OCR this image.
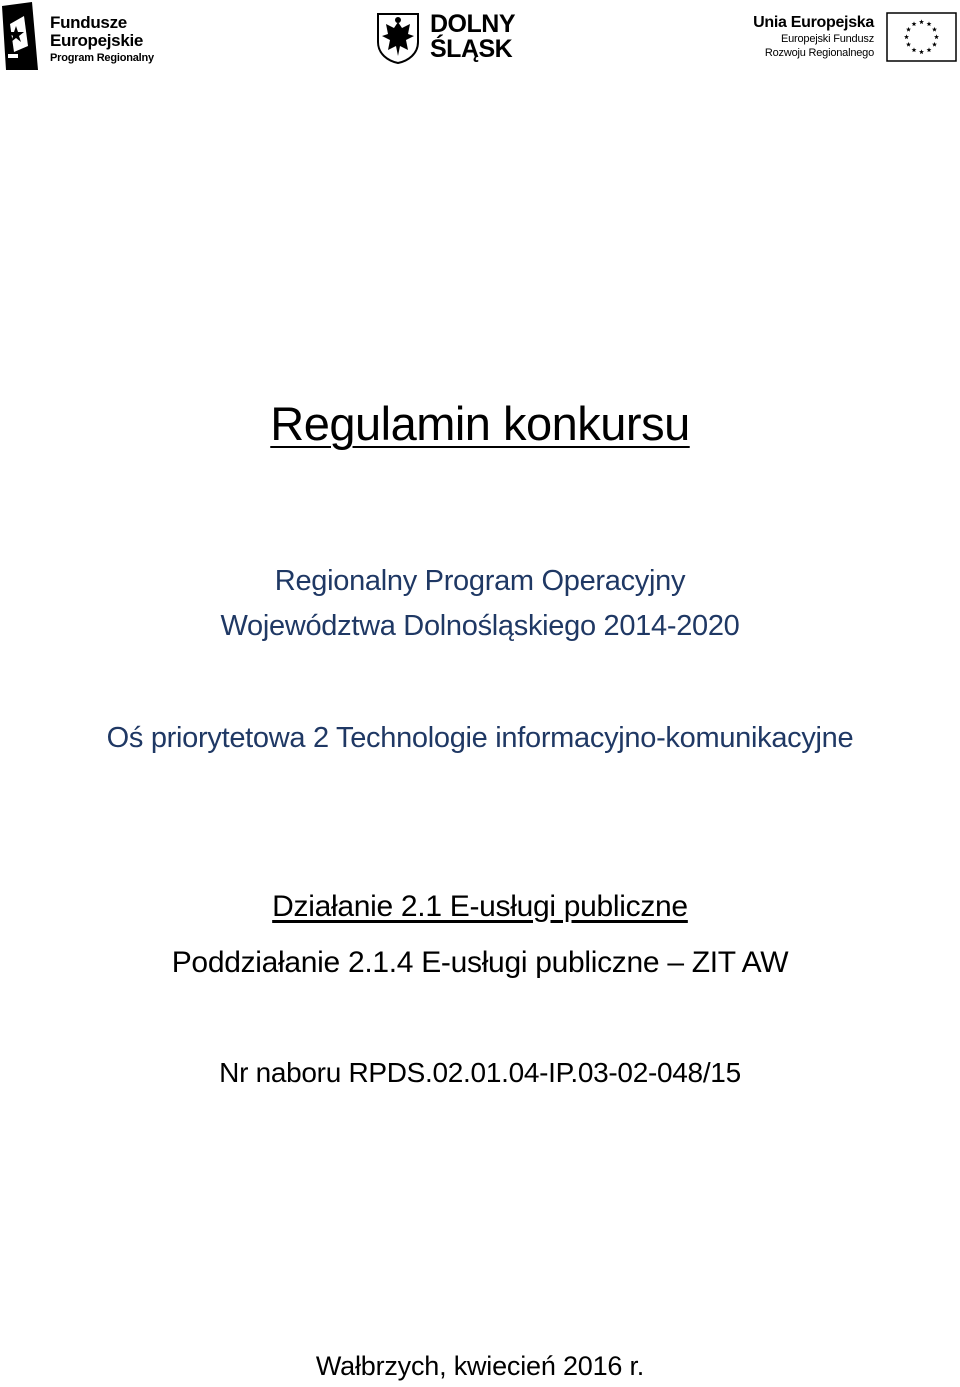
Fundusze
Europejskie
Program Regionalny
DOLNY
ŚLĄSK
Unia Europejska
Europejski Fundusz
Rozwoju Regionalnego
Regulamin konkursu
Regionalny Program Operacyjny
Województwa Dolnośląskiego 2014-2020
Oś priorytetowa 2 Technologie informacyjno-komunikacyjne
Działanie 2.1 E-usługi publiczne
Poddziałanie 2.1.4 E-usługi publiczne – ZIT AW
Nr naboru RPDS.02.01.04-IP.03-02-048/15
Wałbrzych, kwiecień 2016 r.
